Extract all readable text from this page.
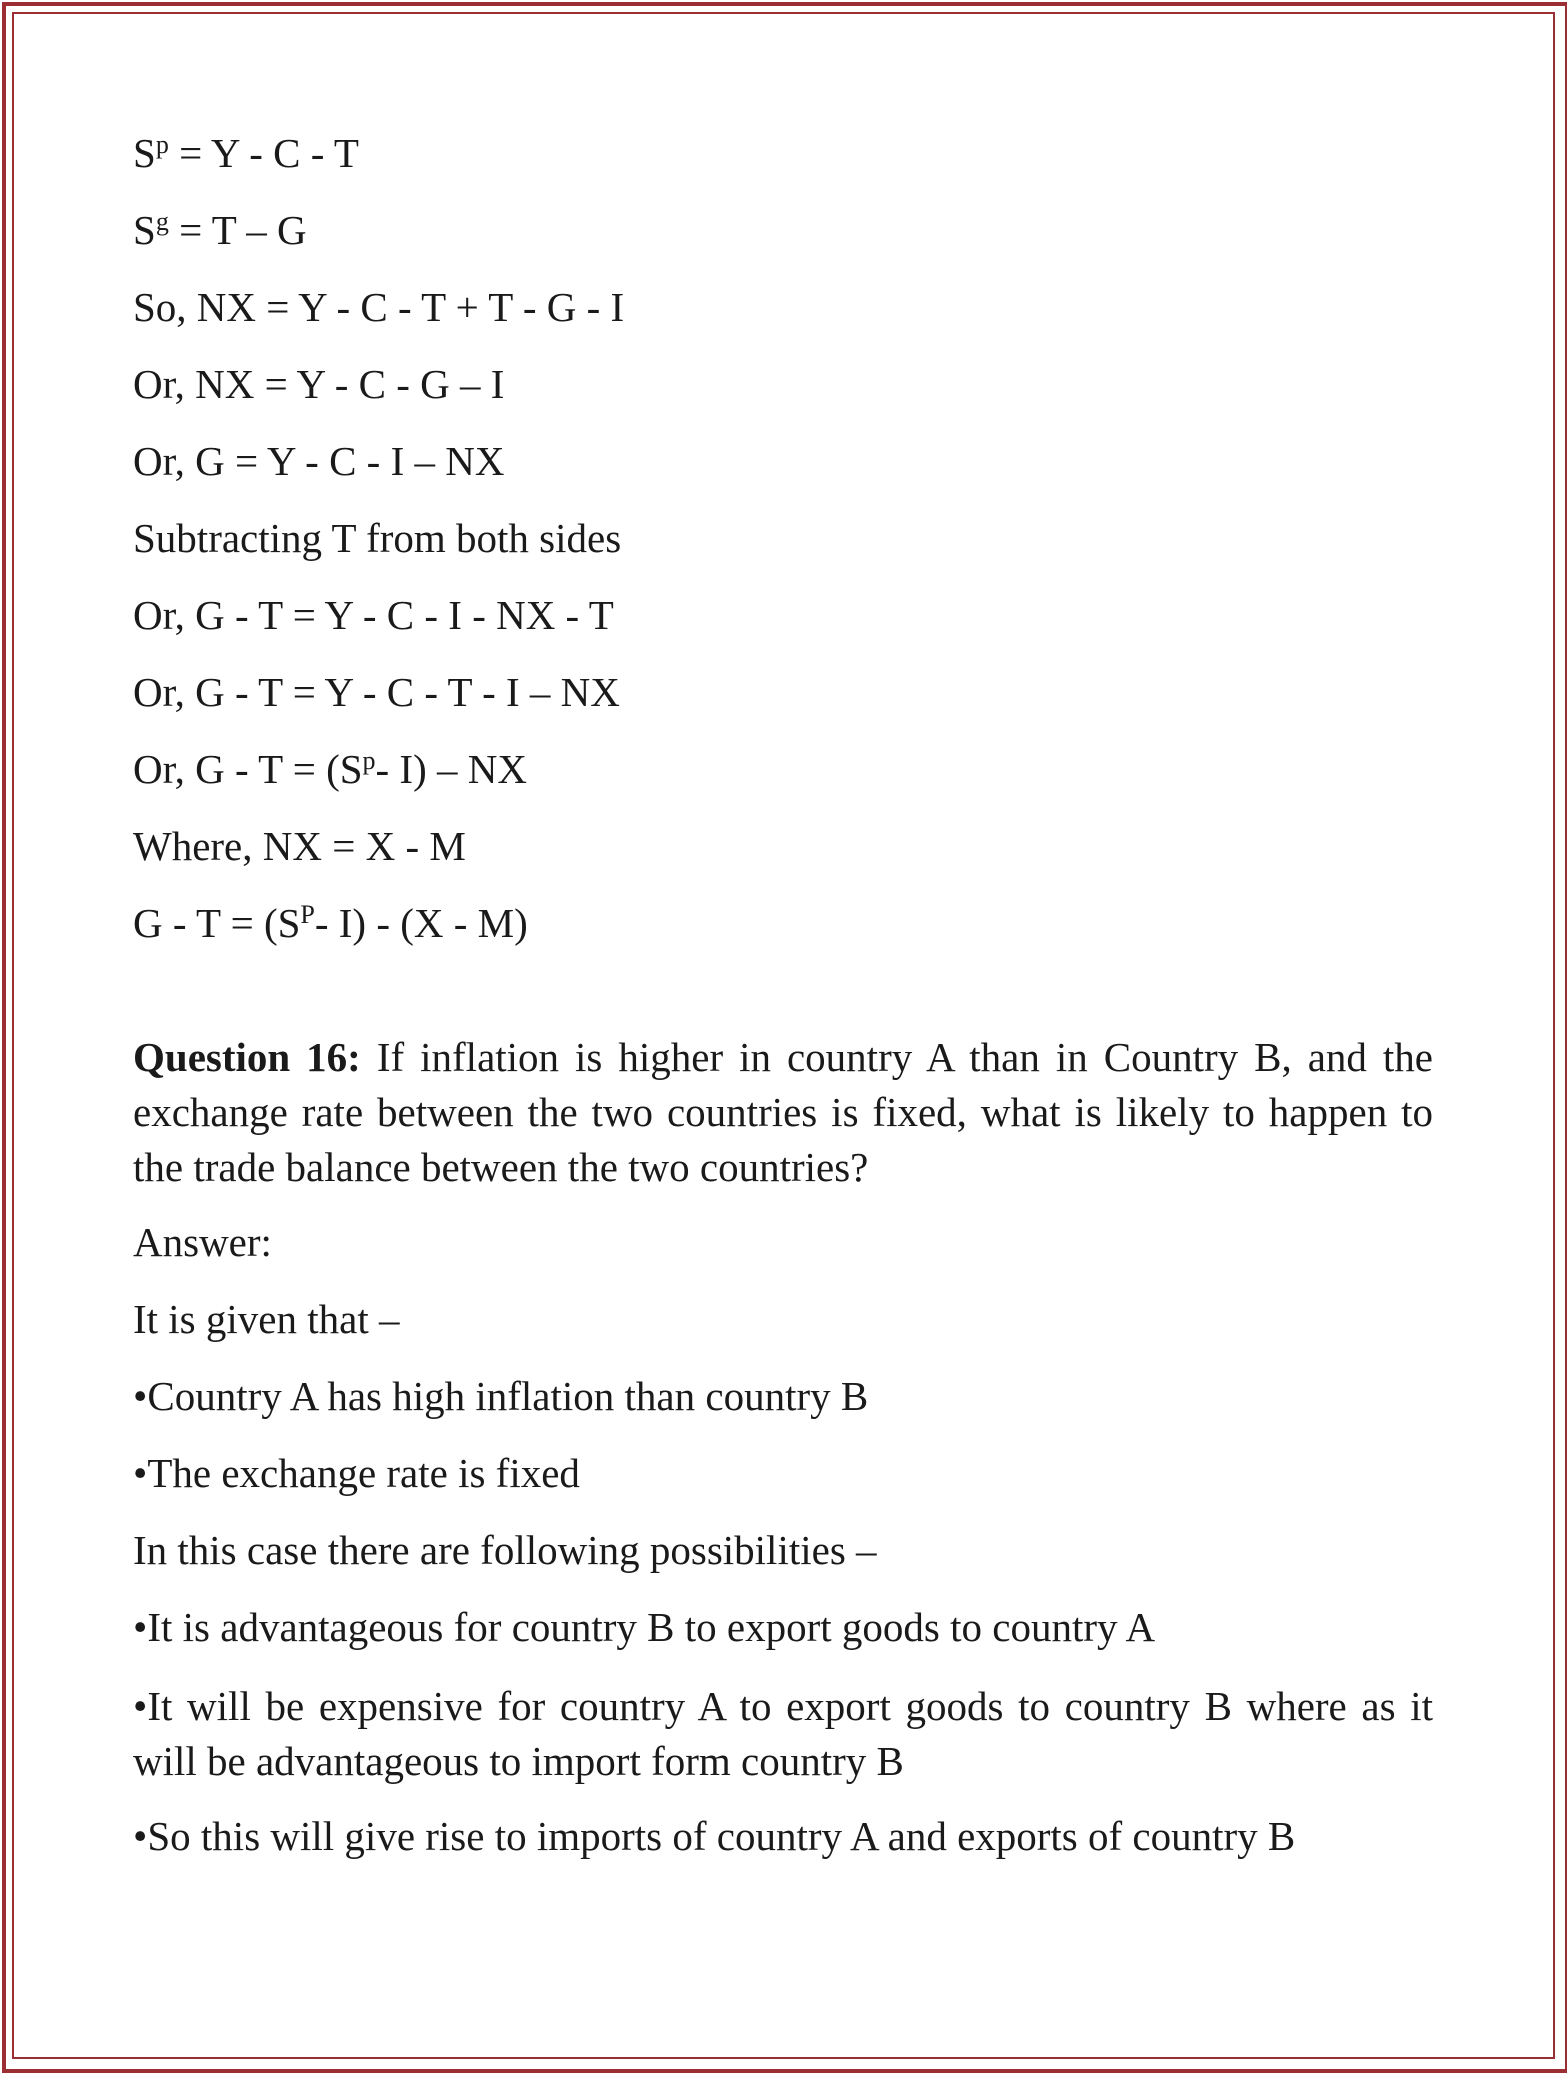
$S^p = Y - C - T$
$S^g = T - G$
So, NX = Y - C - T + T - G - I
Or, NX = Y - C - G – I
Or, G = Y - C - I – NX
Subtracting T from both sides
Or, G - T = Y - C - I - NX - T
Or, G - T = Y - C - T - I – NX
Or, $G - T = (S^p-$ I) – NX
Where, NX = X - M
$G - T = (S^P-$ I) - (X - M)
Question 16: If inflation is higher in country A than in Country B, and the exchange rate between the two countries is fixed, what is likely to happen to the trade balance between the two countries?
Answer:
It is given that –
•Country A has high inflation than country B
•The exchange rate is fixed
In this case there are following possibilities –
•It is advantageous for country B to export goods to country A
•It will be expensive for country A to export goods to country B where as it will be advantageous to import form country B
•So this will give rise to imports of country A and exports of country B
